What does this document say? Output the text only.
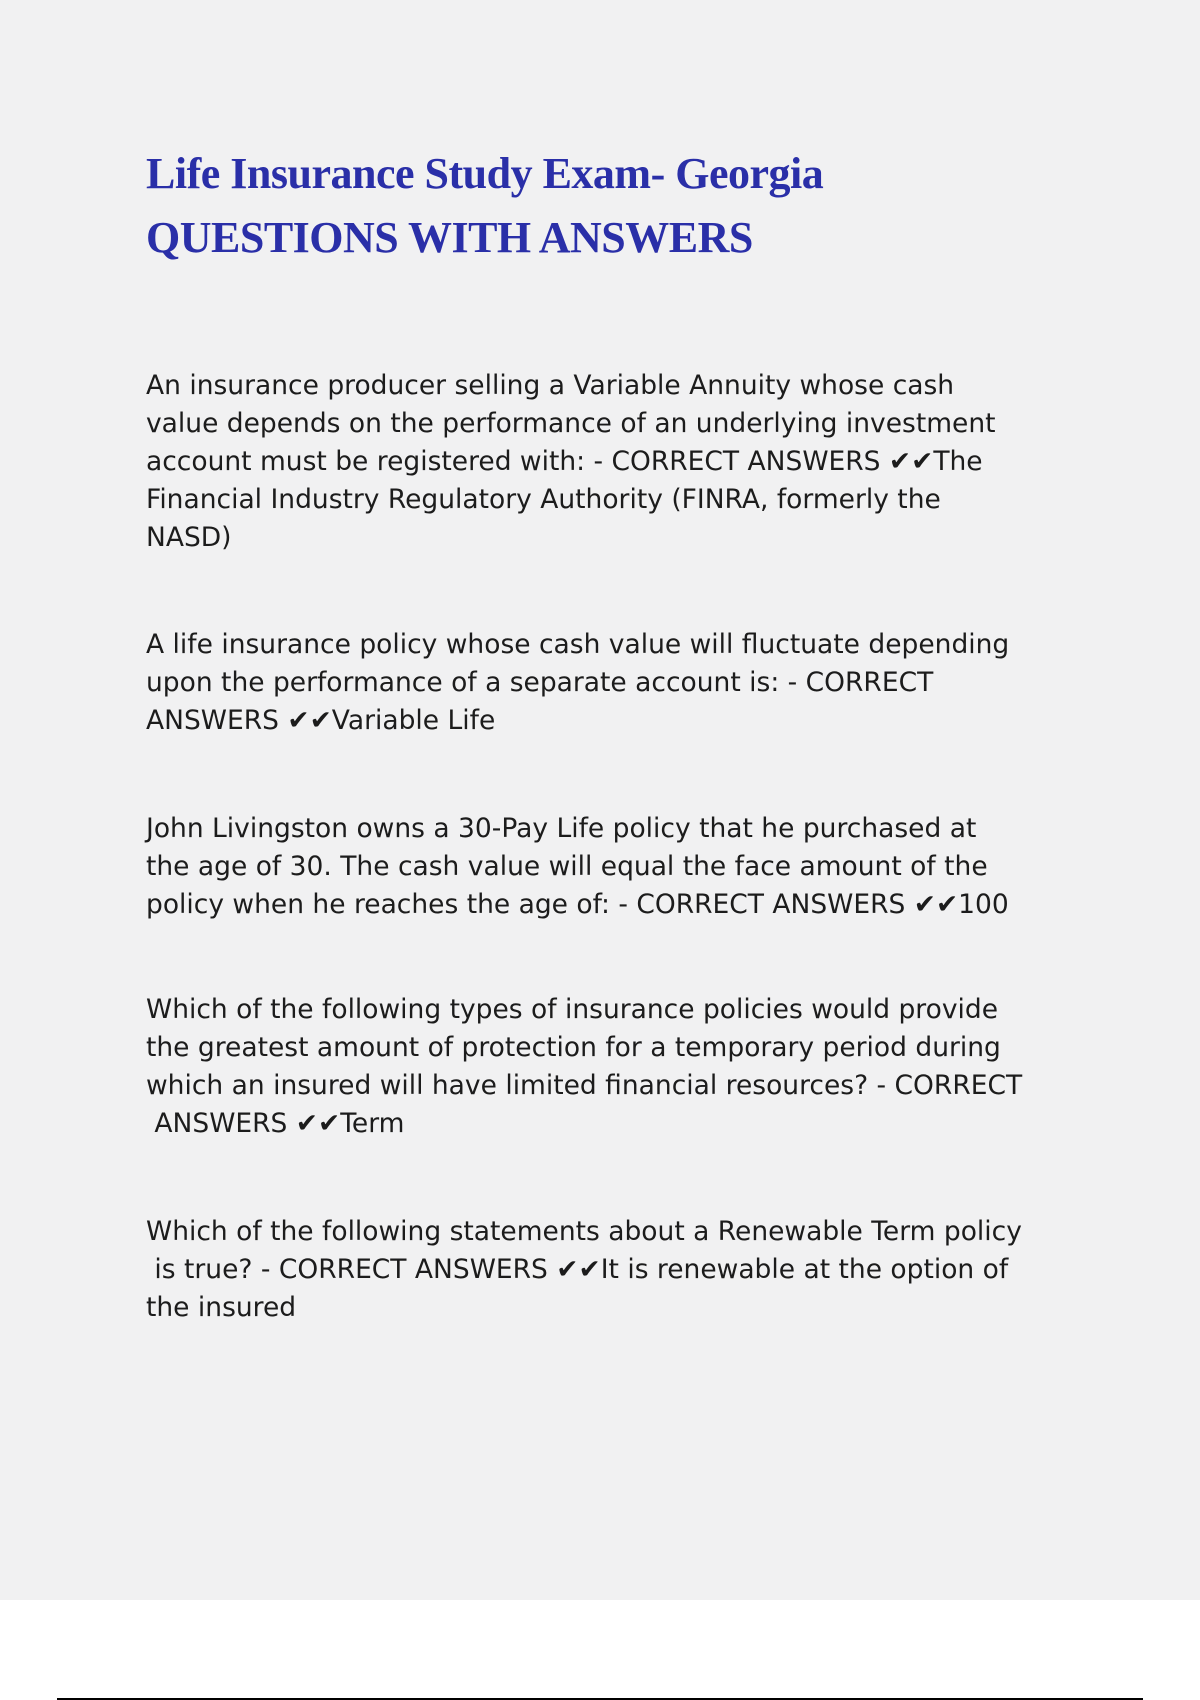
Life Insurance Study Exam- Georgia
QUESTIONS WITH ANSWERS

An insurance producer selling a Variable Annuity whose cash
value depends on the performance of an underlying investment
account must be registered with: - CORRECT ANSWERS ✔✔The
Financial Industry Regulatory Authority (FINRA, formerly the
NASD)

A life insurance policy whose cash value will fluctuate depending
upon the performance of a separate account is: - CORRECT
ANSWERS ✔✔Variable Life

John Livingston owns a 30-Pay Life policy that he purchased at
the age of 30. The cash value will equal the face amount of the
policy when he reaches the age of: - CORRECT ANSWERS ✔✔100

Which of the following types of insurance policies would provide
the greatest amount of protection for a temporary period during
which an insured will have limited financial resources? - CORRECT
ANSWERS ✔✔Term

Which of the following statements about a Renewable Term policy
is true? - CORRECT ANSWERS ✔✔It is renewable at the option of
the insured
